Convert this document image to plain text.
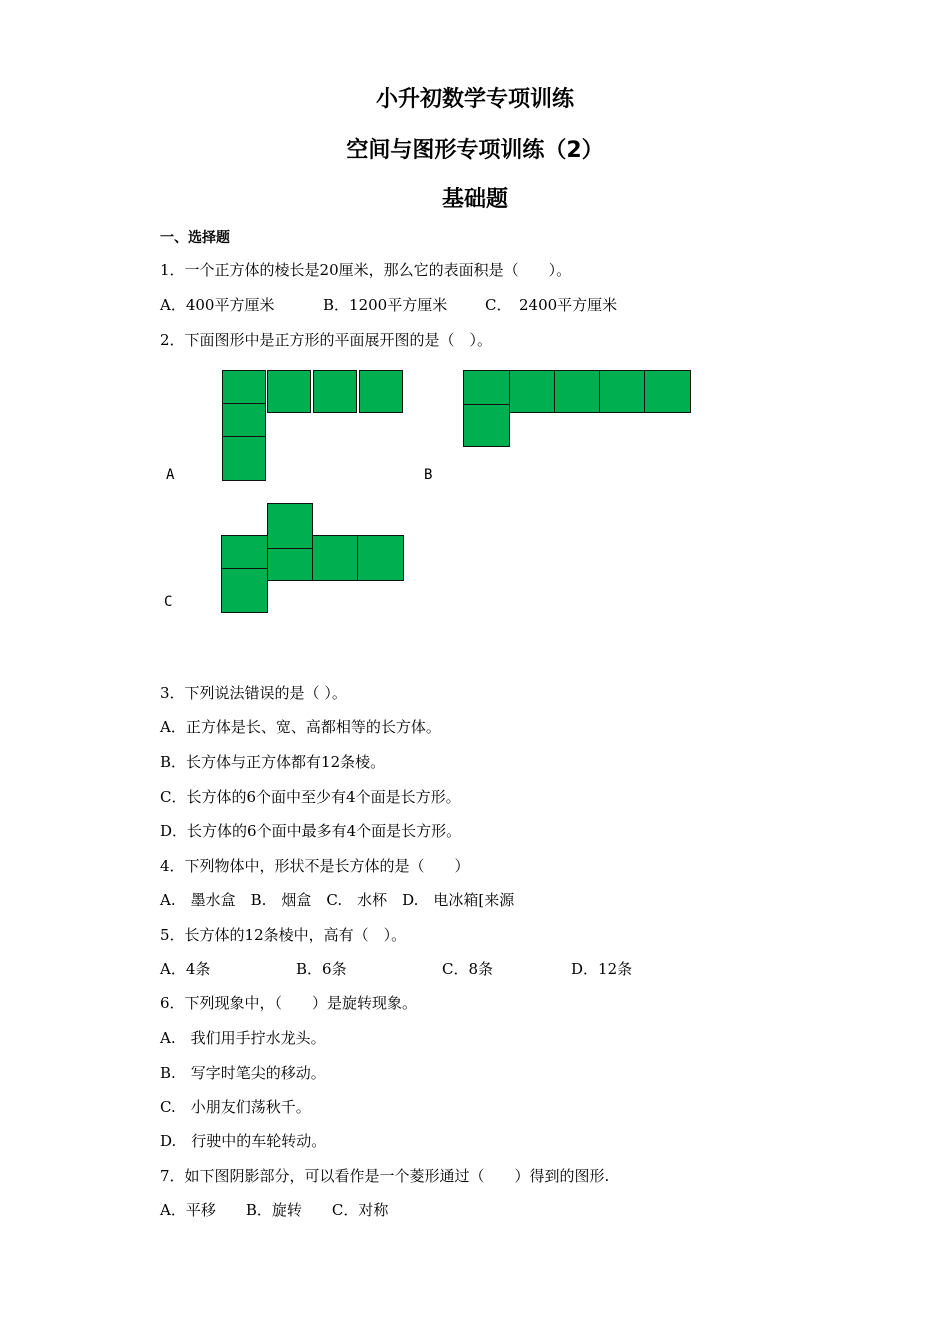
小升初数学专项训练
空间与图形专项训练（2）
基础题
一、选择题
1．一个正方体的棱长是20厘米，那么它的表面积是（　　）。
A．400平方厘米	B．1200平方厘米	C．　2400平方厘米
2．下面图形中是正方形的平面展开图的是（　）。
A	B
C
3．下列说法错误的是（ ）。
A．正方体是长、宽、高都相等的长方体。
B．长方体与正方体都有12条棱。
C．长方体的6个面中至少有4个面是长方形。
D．长方体的6个面中最多有4个面是长方形。
4．下列物体中，形状不是长方体的是（　　）
A.　墨水盒　B.　烟盒　C.　水杯　D.　电冰箱[来源
5．长方体的12条棱中，高有（　）。
A．4条	B．6条	C．8条	D．12条
6．下列现象中，（　　）是旋转现象。
A.　我们用手拧水龙头。
B.　写字时笔尖的移动。
C.　小朋友们荡秋千。
D.　行驶中的车轮转动。
7．如下图阴影部分，可以看作是一个菱形通过（　　）得到的图形.
A．平移　　B．旋转　　C．对称
